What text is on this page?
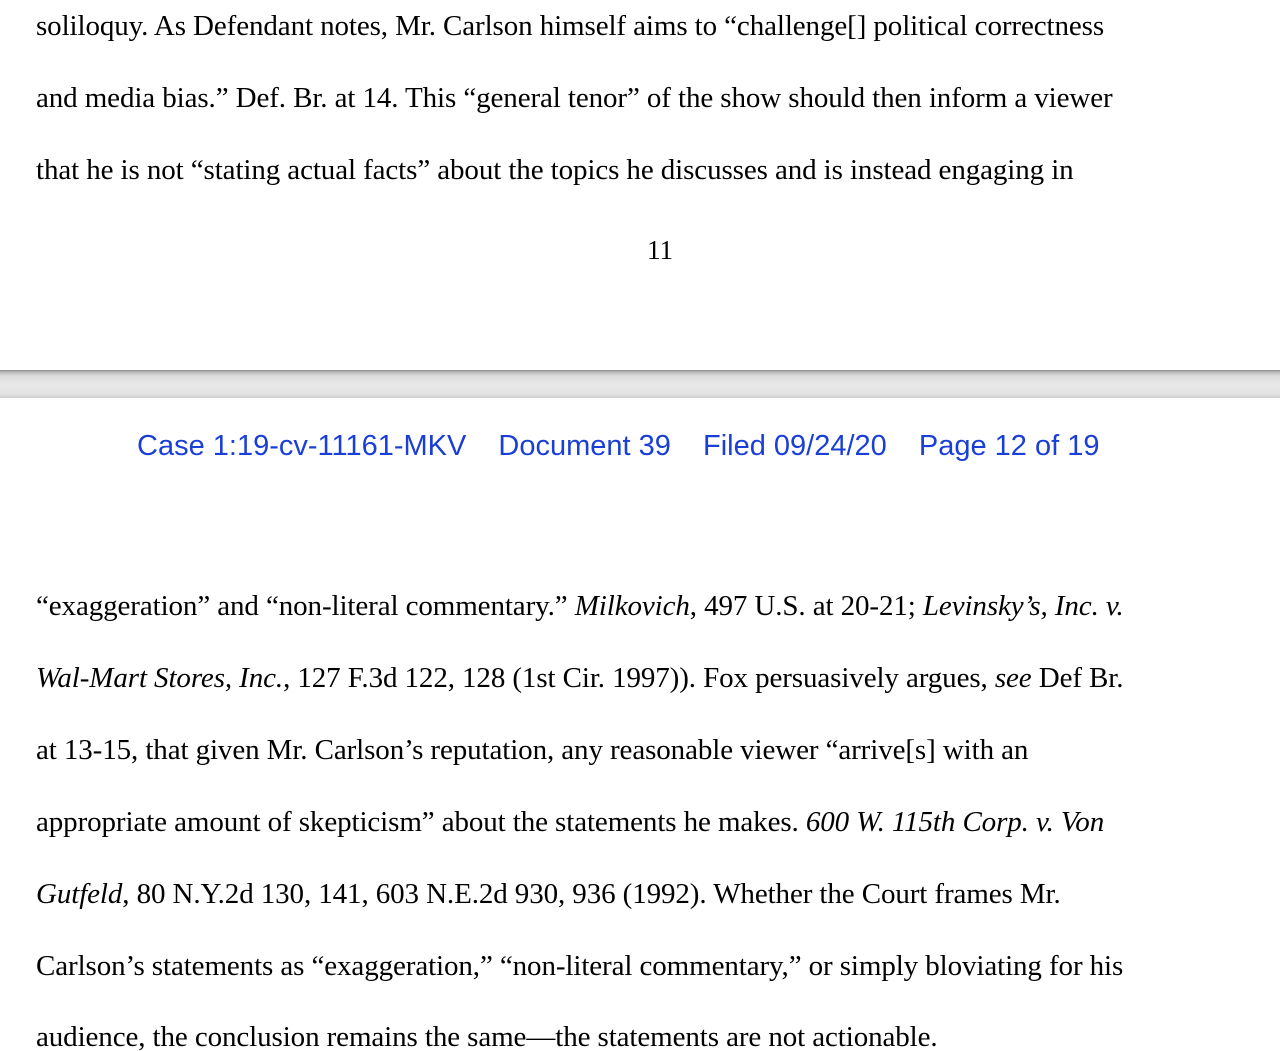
soliloquy. As Defendant notes, Mr. Carlson himself aims to “challenge[] political correctness
and media bias.” Def. Br. at 14. This “general tenor” of the show should then inform a viewer
that he is not “stating actual facts” about the topics he discusses and is instead engaging in
11
Case 1:19-cv-11161-MKV Document 39 Filed 09/24/20 Page 12 of 19
“exaggeration” and “non-literal commentary.” Milkovich, 497 U.S. at 20-21; Levinsky’s, Inc. v.
Wal-Mart Stores, Inc., 127 F.3d 122, 128 (1st Cir. 1997)). Fox persuasively argues, see Def Br.
at 13-15, that given Mr. Carlson’s reputation, any reasonable viewer “arrive[s] with an
appropriate amount of skepticism” about the statements he makes. 600 W. 115th Corp. v. Von
Gutfeld, 80 N.Y.2d 130, 141, 603 N.E.2d 930, 936 (1992). Whether the Court frames Mr.
Carlson’s statements as “exaggeration,” “non-literal commentary,” or simply bloviating for his
audience, the conclusion remains the same—the statements are not actionable.
